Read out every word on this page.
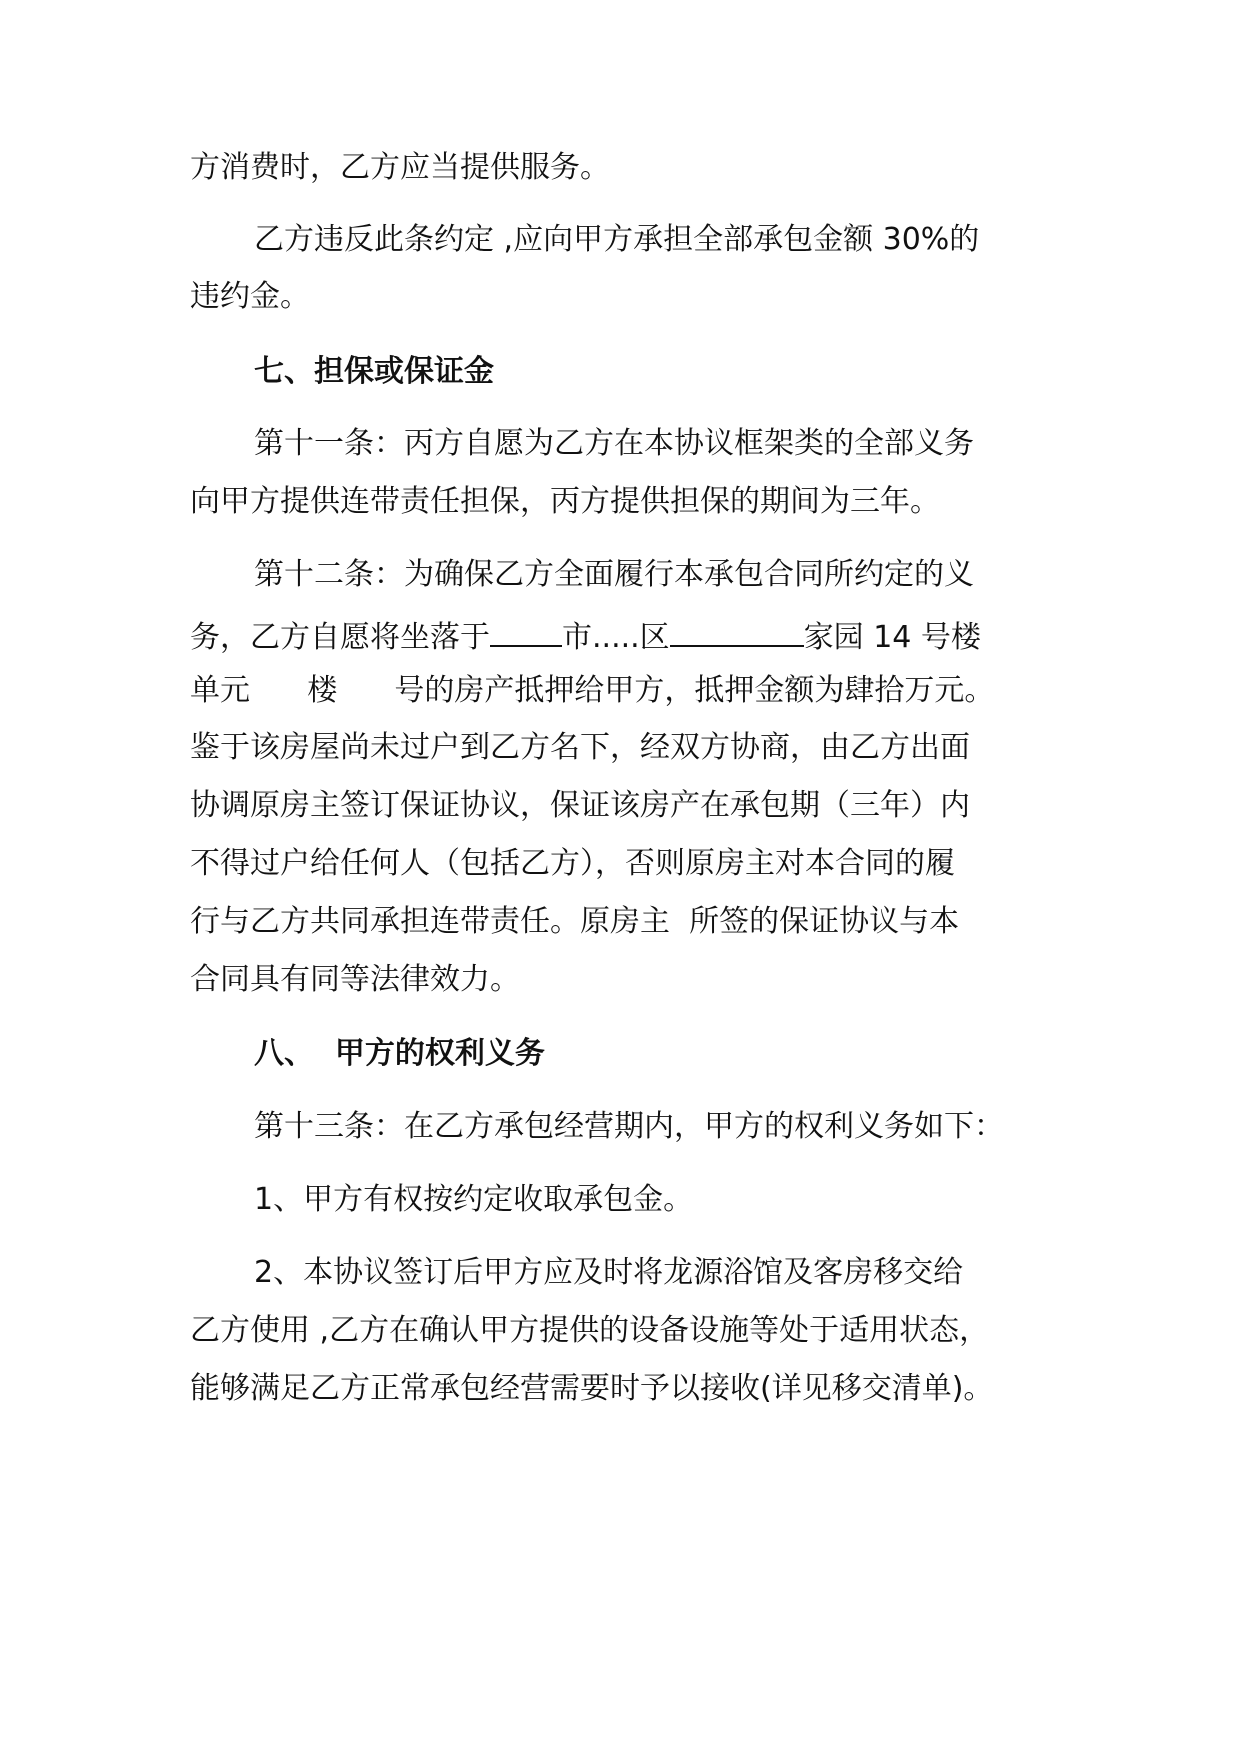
方消费时，乙方应当提供服务。
乙方违反此条约定 ,应向甲方承担全部承包金额 30%的
违约金。
七、担保或保证金
第十一条：丙方自愿为乙方在本协议框架类的全部义务
向甲方提供连带责任担保，丙方提供担保的期间为三年。
第十二条：为确保乙方全面履行本承包合同所约定的义
务，乙方自愿将坐落于 市.....区	家园 14 号楼
单元      楼      号的房产抵押给甲方，抵押金额为肆拾万元。
鉴于该房屋尚未过户到乙方名下，经双方协商，由乙方出面
协调原房主签订保证协议，保证该房产在承包期（三年）内
不得过户给任何人（包括乙方），否则原房主对本合同的履
行与乙方共同承担连带责任。原房主  所签的保证协议与本
合同具有同等法律效力。
八、  甲方的权利义务
第十三条：在乙方承包经营期内，甲方的权利义务如下：
1、甲方有权按约定收取承包金。
2、本协议签订后甲方应及时将龙源浴馆及客房移交给
乙方使用 ,乙方在确认甲方提供的设备设施等处于适用状态，
能够满足乙方正常承包经营需要时予以接收(详见移交清单)。
